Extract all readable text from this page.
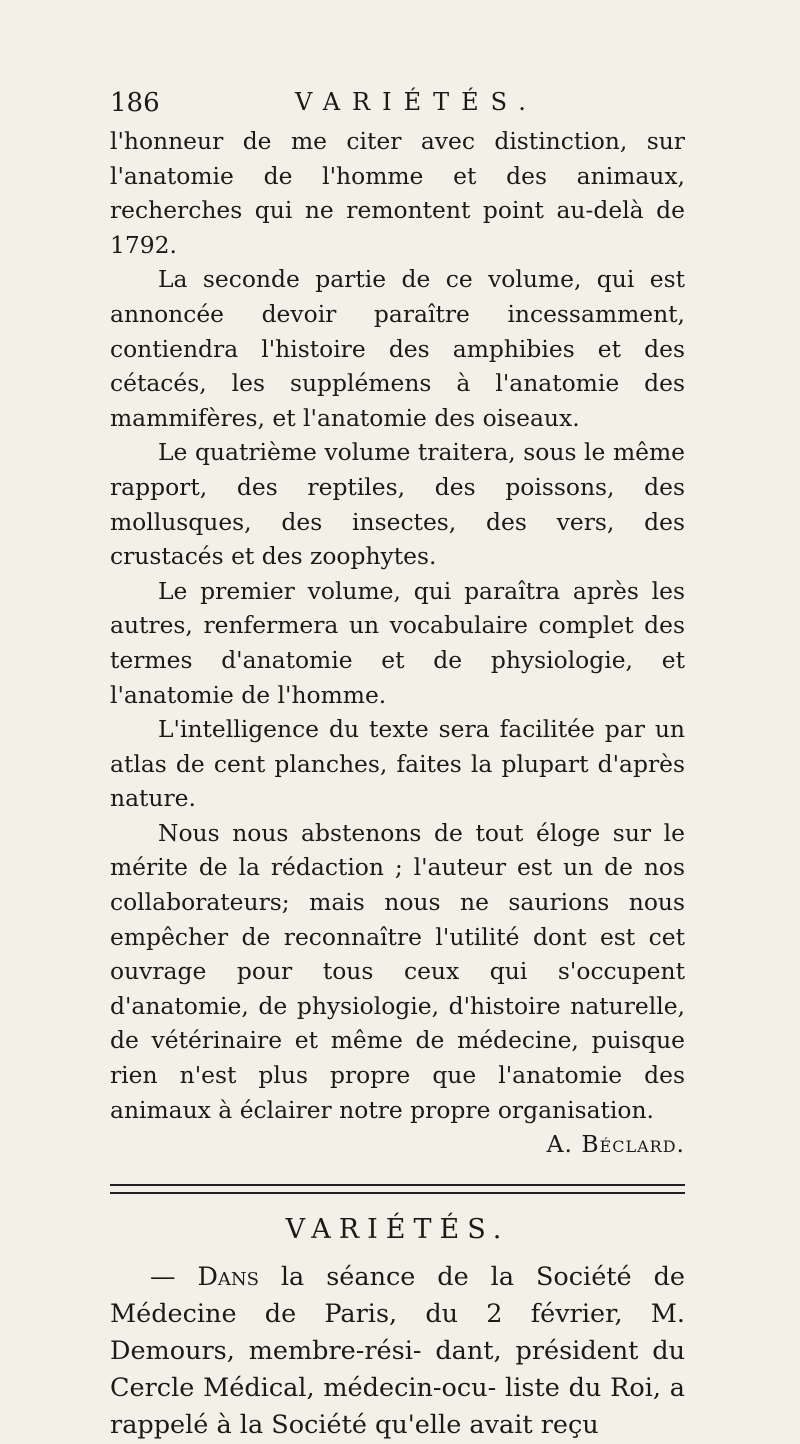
186	VARIÉTÉS.

l'honneur de me citer avec distinction, sur l'anatomie de l'homme et des animaux, recherches qui ne remontent point au-delà de 1792.

La seconde partie de ce volume, qui est annoncée devoir paraître incessamment, contiendra l'histoire des amphibies et des cétacés, les supplémens à l'anatomie des mammifères, et l'anatomie des oiseaux.

Le quatrième volume traitera, sous le même rapport, des reptiles, des poissons, des mollusques, des insectes, des vers, des crustacés et des zoophytes.

Le premier volume, qui paraîtra après les autres, renfermera un vocabulaire complet des termes d'anatomie et de physiologie, et l'anatomie de l'homme.

L'intelligence du texte sera facilitée par un atlas de cent planches, faites la plupart d'après nature.

Nous nous abstenons de tout éloge sur le mérite de la rédaction ; l'auteur est un de nos collaborateurs; mais nous ne saurions nous empêcher de reconnaître l'utilité dont est cet ouvrage pour tous ceux qui s'occupent d'anatomie, de physiologie, d'histoire naturelle, de vétérinaire et même de médecine, puisque rien n'est plus propre que l'anatomie des animaux à éclairer notre propre organisation.

A. Béclard.

VARIÉTÉS.

— Dans la séance de la Société de Médecine de Paris, du 2 février, M. Demours, membre-rési- dant, président du Cercle Médical, médecin-ocu- liste du Roi, a rappelé à la Société qu'elle avait reçu
